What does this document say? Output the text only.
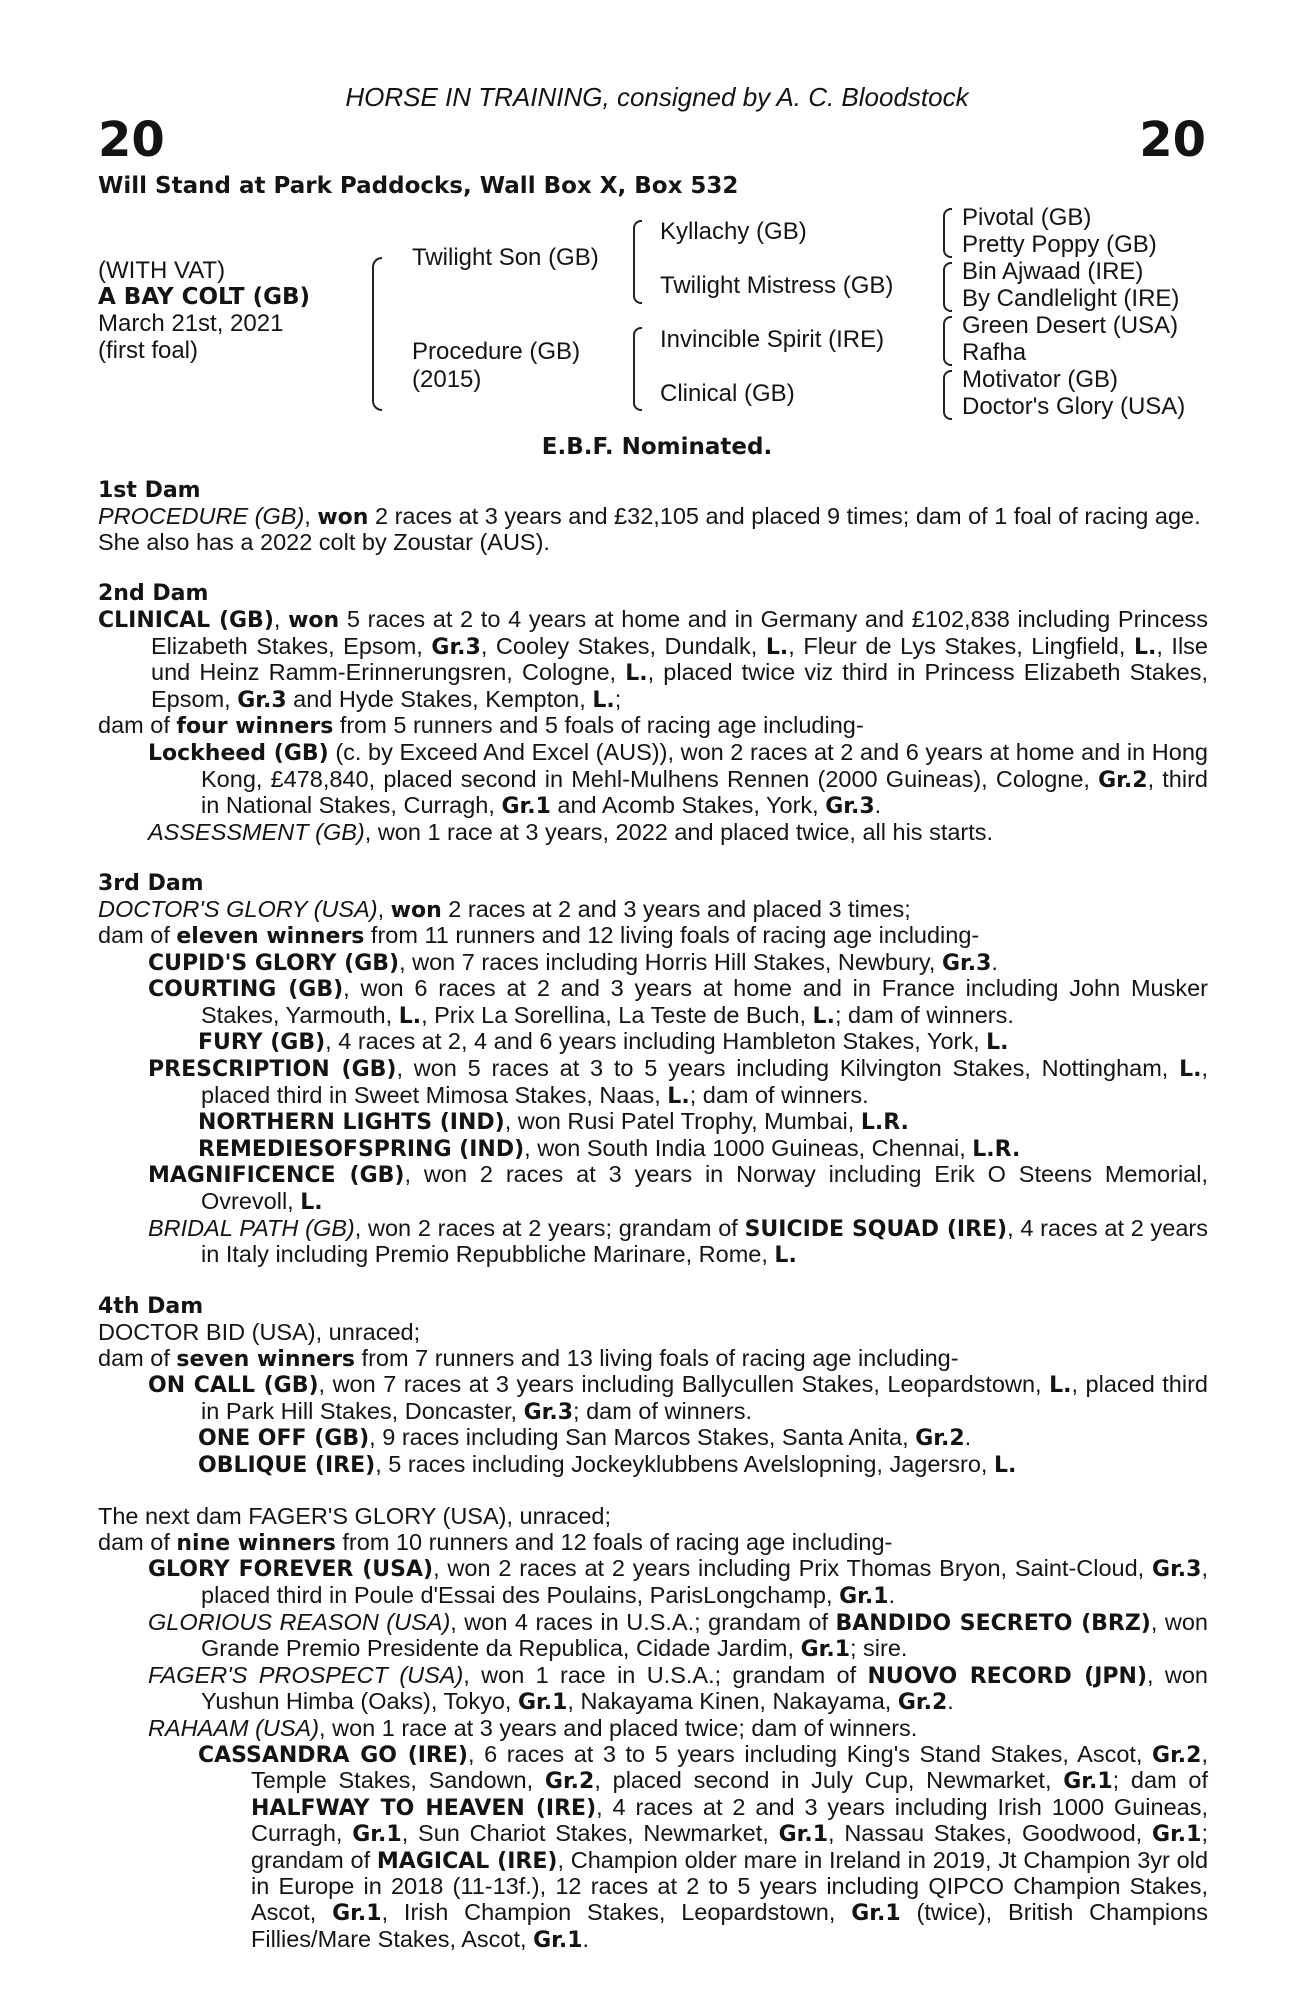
HORSE IN TRAINING, consigned by A. C. Bloodstock
20	20
Will Stand at Park Paddocks, Wall Box X, Box 532
(WITH VAT)
A BAY COLT (GB)
March 21st, 2021
(first foal)
Twilight Son (GB)
Procedure (GB)
(2015)
Kyllachy (GB)
Twilight Mistress (GB)
Invincible Spirit (IRE)
Clinical (GB)
Pivotal (GB)
Pretty Poppy (GB)
Bin Ajwaad (IRE)
By Candlelight (IRE)
Green Desert (USA)
Rafha
Motivator (GB)
Doctor's Glory (USA)
E.B.F. Nominated.
1st Dam
PROCEDURE (GB), won 2 races at 3 years and £32,105 and placed 9 times; dam of 1 foal of racing age. She also has a 2022 colt by Zoustar (AUS).
2nd Dam
CLINICAL (GB), won 5 races at 2 to 4 years at home and in Germany and £102,838 including Princess Elizabeth Stakes, Epsom, Gr.3, Cooley Stakes, Dundalk, L., Fleur de Lys Stakes, Lingfield, L., Ilse und Heinz Ramm-Erinnerungsren, Cologne, L., placed twice viz third in Princess Elizabeth Stakes, Epsom, Gr.3 and Hyde Stakes, Kempton, L.;
dam of four winners from 5 runners and 5 foals of racing age including-
Lockheed (GB) (c. by Exceed And Excel (AUS)), won 2 races at 2 and 6 years at home and in Hong Kong, £478,840, placed second in Mehl-Mulhens Rennen (2000 Guineas), Cologne, Gr.2, third in National Stakes, Curragh, Gr.1 and Acomb Stakes, York, Gr.3.
ASSESSMENT (GB), won 1 race at 3 years, 2022 and placed twice, all his starts.
3rd Dam
DOCTOR'S GLORY (USA), won 2 races at 2 and 3 years and placed 3 times;
dam of eleven winners from 11 runners and 12 living foals of racing age including-
CUPID'S GLORY (GB), won 7 races including Horris Hill Stakes, Newbury, Gr.3.
COURTING (GB), won 6 races at 2 and 3 years at home and in France including John Musker Stakes, Yarmouth, L., Prix La Sorellina, La Teste de Buch, L.; dam of winners.
FURY (GB), 4 races at 2, 4 and 6 years including Hambleton Stakes, York, L.
PRESCRIPTION (GB), won 5 races at 3 to 5 years including Kilvington Stakes, Nottingham, L., placed third in Sweet Mimosa Stakes, Naas, L.; dam of winners.
NORTHERN LIGHTS (IND), won Rusi Patel Trophy, Mumbai, L.R.
REMEDIESOFSPRING (IND), won South India 1000 Guineas, Chennai, L.R.
MAGNIFICENCE (GB), won 2 races at 3 years in Norway including Erik O Steens Memorial, Ovrevoll, L.
BRIDAL PATH (GB), won 2 races at 2 years; grandam of SUICIDE SQUAD (IRE), 4 races at 2 years in Italy including Premio Repubbliche Marinare, Rome, L.
4th Dam
DOCTOR BID (USA), unraced;
dam of seven winners from 7 runners and 13 living foals of racing age including-
ON CALL (GB), won 7 races at 3 years including Ballycullen Stakes, Leopardstown, L., placed third in Park Hill Stakes, Doncaster, Gr.3; dam of winners.
ONE OFF (GB), 9 races including San Marcos Stakes, Santa Anita, Gr.2.
OBLIQUE (IRE), 5 races including Jockeyklubbens Avelslopning, Jagersro, L.
The next dam FAGER'S GLORY (USA), unraced;
dam of nine winners from 10 runners and 12 foals of racing age including-
GLORY FOREVER (USA), won 2 races at 2 years including Prix Thomas Bryon, Saint-Cloud, Gr.3, placed third in Poule d'Essai des Poulains, ParisLongchamp, Gr.1.
GLORIOUS REASON (USA), won 4 races in U.S.A.; grandam of BANDIDO SECRETO (BRZ), won Grande Premio Presidente da Republica, Cidade Jardim, Gr.1; sire.
FAGER'S PROSPECT (USA), won 1 race in U.S.A.; grandam of NUOVO RECORD (JPN), won Yushun Himba (Oaks), Tokyo, Gr.1, Nakayama Kinen, Nakayama, Gr.2.
RAHAAM (USA), won 1 race at 3 years and placed twice; dam of winners.
CASSANDRA GO (IRE), 6 races at 3 to 5 years including King's Stand Stakes, Ascot, Gr.2, Temple Stakes, Sandown, Gr.2, placed second in July Cup, Newmarket, Gr.1; dam of HALFWAY TO HEAVEN (IRE), 4 races at 2 and 3 years including Irish 1000 Guineas, Curragh, Gr.1, Sun Chariot Stakes, Newmarket, Gr.1, Nassau Stakes, Goodwood, Gr.1; grandam of MAGICAL (IRE), Champion older mare in Ireland in 2019, Jt Champion 3yr old in Europe in 2018 (11-13f.), 12 races at 2 to 5 years including QIPCO Champion Stakes, Ascot, Gr.1, Irish Champion Stakes, Leopardstown, Gr.1 (twice), British Champions Fillies/Mare Stakes, Ascot, Gr.1.
